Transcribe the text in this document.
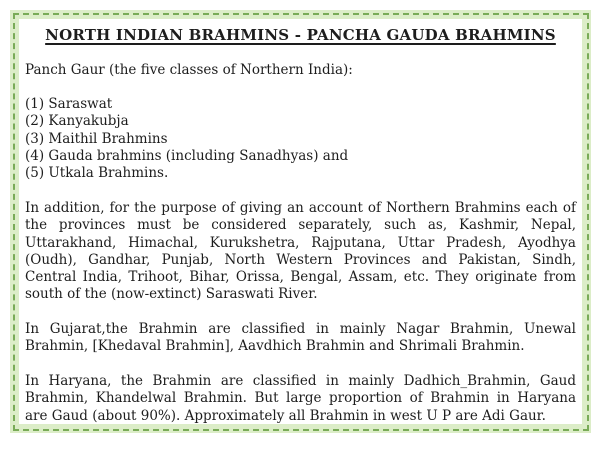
NORTH INDIAN BRAHMINS - PANCHA GAUDA BRAHMINS

Panch Gaur (the five classes of Northern India):

(1) Saraswat
(2) Kanyakubja
(3) Maithil Brahmins
(4) Gauda brahmins (including Sanadhyas) and
(5) Utkala Brahmins.
In addition, for the purpose of giving an account of Northern Brahmins each of
the provinces must be considered separately, such as, Kashmir, Nepal,
Uttarakhand, Himachal, Kurukshetra, Rajputana, Uttar Pradesh, Ayodhya
(Oudh), Gandhar, Punjab, North Western Provinces and Pakistan, Sindh,
Central India, Trihoot, Bihar, Orissa, Bengal, Assam, etc. They originate from
south of the (now-extinct) Saraswati River.
In Gujarat,the Brahmin are classified in mainly Nagar Brahmin, Unewal
Brahmin, [Khedaval Brahmin], Aavdhich Brahmin and Shrimali Brahmin.
In Haryana, the Brahmin are classified in mainly Dadhich_Brahmin, Gaud
Brahmin, Khandelwal Brahmin. But large proportion of Brahmin in Haryana
are Gaud (about 90%). Approximately all Brahmin in west U P are Adi Gaur.
